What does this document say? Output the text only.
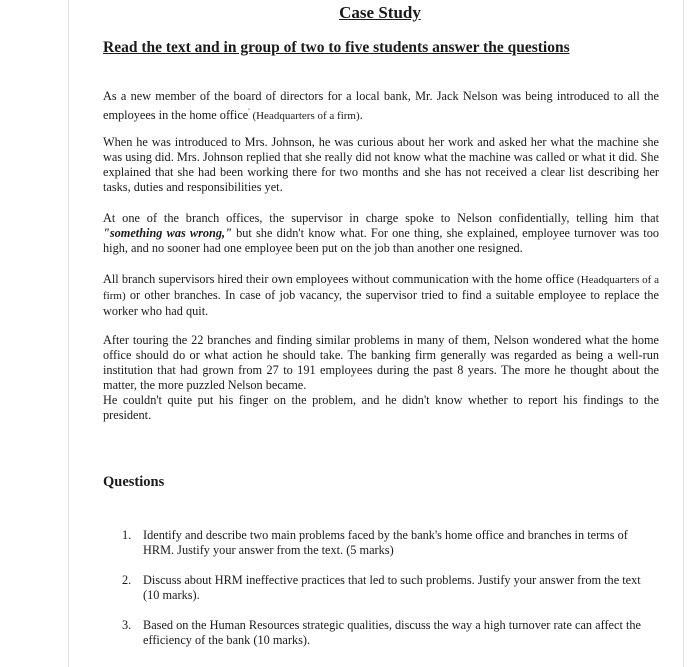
Case Study
Read the text and in group of two to five students answer the questions

As a new member of the board of directors for a local bank, Mr. Jack Nelson was being introduced to all the employees in the home office' (Headquarters of a firm).

When he was introduced to Mrs. Johnson, he was curious about her work and asked her what the machine she was using did. Mrs. Johnson replied that she really did not know what the machine was called or what it did. She explained that she had been working there for two months and she has not received a clear list describing her tasks, duties and responsibilities yet.

At one of the branch offices, the supervisor in charge spoke to Nelson confidentially, telling him that "something was wrong," but she didn't know what. For one thing, she explained, employee turnover was too high, and no sooner had one employee been put on the job than another one resigned.

All branch supervisors hired their own employees without communication with the home office (Headquarters of a firm) or other branches. In case of job vacancy, the supervisor tried to find a suitable employee to replace the worker who had quit.

After touring the 22 branches and finding similar problems in many of them, Nelson wondered what the home office should do or what action he should take. The banking firm generally was regarded as being a well-run institution that had grown from 27 to 191 employees during the past 8 years. The more he thought about the matter, the more puzzled Nelson became.
He couldn't quite put his finger on the problem, and he didn't know whether to report his findings to the president.

Questions
1. Identify and describe two main problems faced by the bank's home office and branches in terms of HRM. Justify your answer from the text. (5 marks)
2. Discuss about HRM ineffective practices that led to such problems. Justify your answer from the text (10 marks).
3. Based on the Human Resources strategic qualities, discuss the way a high turnover rate can affect the efficiency of the bank (10 marks).
